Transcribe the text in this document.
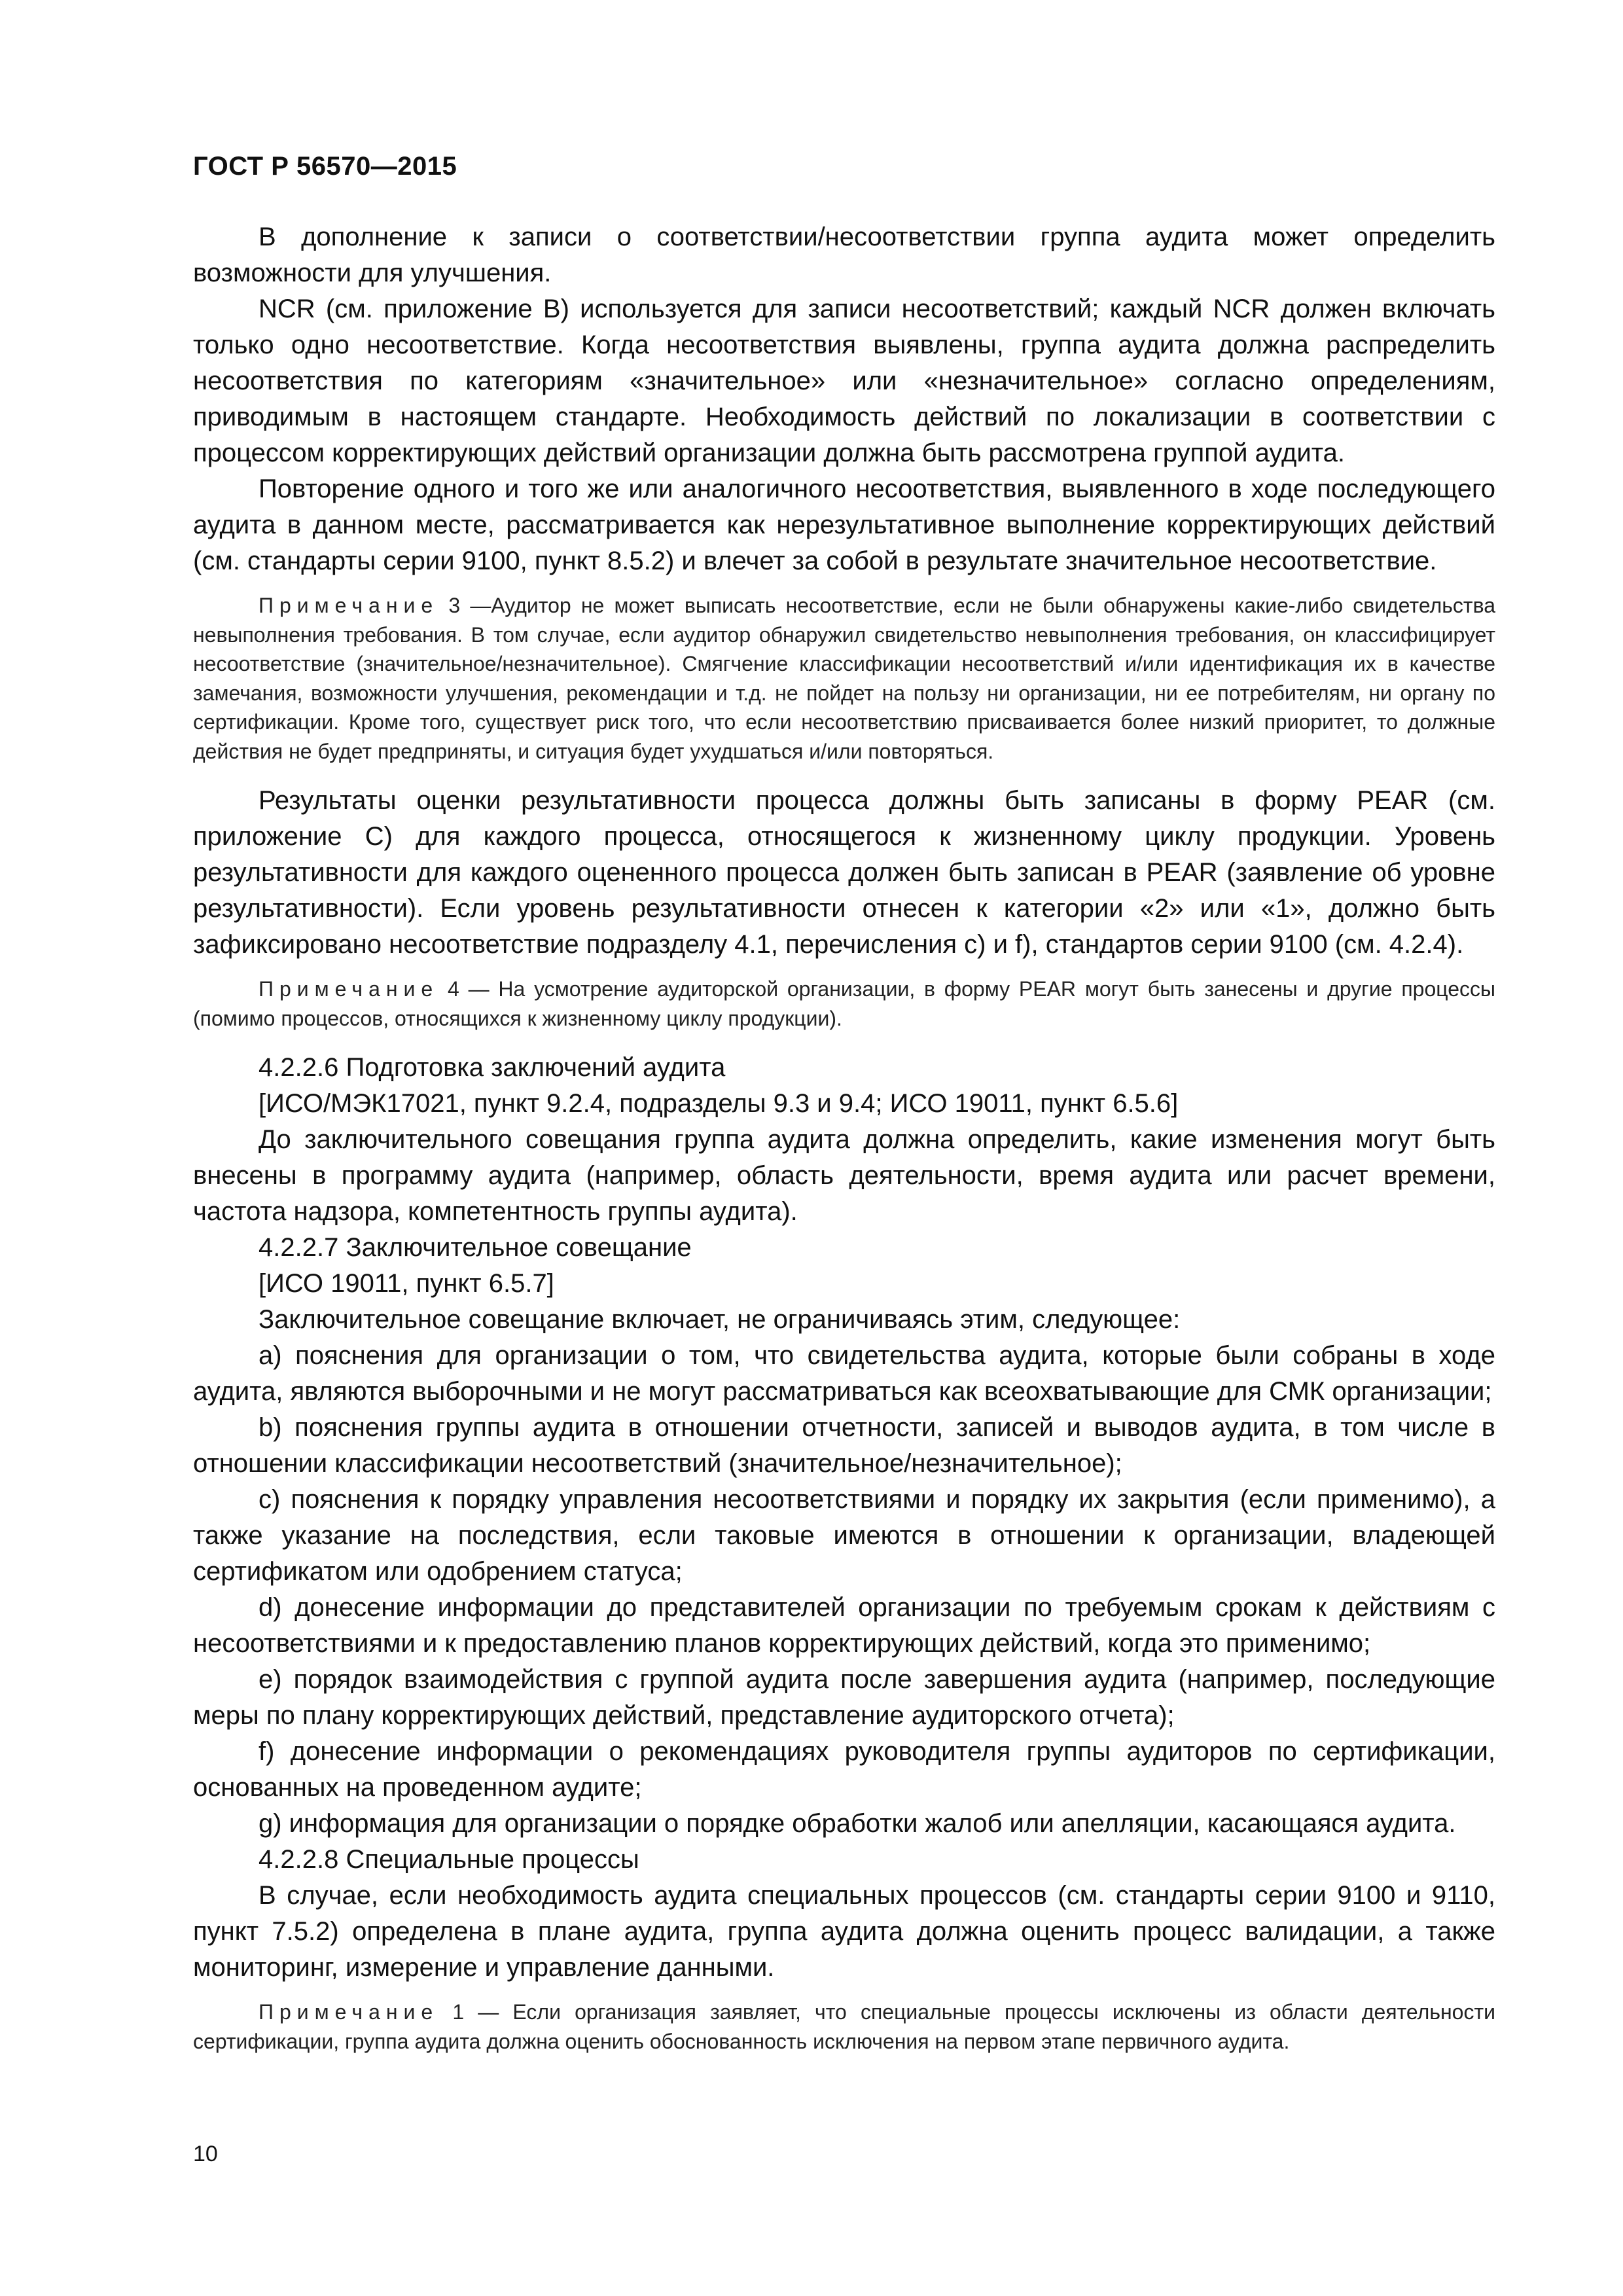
ГОСТ Р 56570—2015

В дополнение к записи о соответствии/несоответствии группа аудита может определить возможности для улучшения.

NCR (см. приложение В) используется для записи несоответствий; каждый NCR должен включать только одно несоответствие. Когда несоответствия выявлены, группа аудита должна распределить несоответствия по категориям «значительное» или «незначительное» согласно определениям, приводимым в настоящем стандарте. Необходимость действий по локализации в соответствии с процессом корректирующих действий организации должна быть рассмотрена группой аудита.

Повторение одного и того же или аналогичного несоответствия, выявленного в ходе последующего аудита в данном месте, рассматривается как нерезультативное выполнение корректирующих действий (см. стандарты серии 9100, пункт 8.5.2) и влечет за собой в результате значительное несоответствие.

Примечание 3 —Аудитор не может выписать несоответствие, если не были обнаружены какие-либо свидетельства невыполнения требования. В том случае, если аудитор обнаружил свидетельство невыполнения требования, он классифицирует несоответствие (значительное/незначительное). Смягчение классификации несоответствий и/или идентификация их в качестве замечания, возможности улучшения, рекомендации и т.д. не пойдет на пользу ни организации, ни ее потребителям, ни органу по сертификации. Кроме того, существует риск того, что если несоответствию присваивается более низкий приоритет, то должные действия не будет предприняты, и ситуация будет ухудшаться и/или повторяться.

Результаты оценки результативности процесса должны быть записаны в форму PEAR (см. приложение С) для каждого процесса, относящегося к жизненному циклу продукции. Уровень результативности для каждого оцененного процесса должен быть записан в PEAR (заявление об уровне результативности). Если уровень результативности отнесен к категории «2» или «1», должно быть зафиксировано несоответствие подразделу 4.1, перечисления с) и f), стандартов серии 9100 (см. 4.2.4).

Примечание 4 — На усмотрение аудиторской организации, в форму PEAR могут быть занесены и другие процессы (помимо процессов, относящихся к жизненному циклу продукции).

4.2.2.6 Подготовка заключений аудита

[ИСО/МЭК17021, пункт 9.2.4, подразделы 9.3 и 9.4; ИСО 19011, пункт 6.5.6]

До заключительного совещания группа аудита должна определить, какие изменения могут быть внесены в программу аудита (например, область деятельности, время аудита или расчет времени, частота надзора, компетентность группы аудита).

4.2.2.7 Заключительное совещание

[ИСО 19011, пункт 6.5.7]

Заключительное совещание включает, не ограничиваясь этим, следующее:

a) пояснения для организации о том, что свидетельства аудита, которые были собраны в ходе аудита, являются выборочными и не могут рассматриваться как всеохватывающие для СМК организации;

b) пояснения группы аудита в отношении отчетности, записей и выводов аудита, в том числе в отношении классификации несоответствий (значительное/незначительное);

c) пояснения к порядку управления несоответствиями и порядку их закрытия (если применимо), а также указание на последствия, если таковые имеются в отношении к организации, владеющей сертификатом или одобрением статуса;

d) донесение информации до представителей организации по требуемым срокам к действиям с несоответствиями и к предоставлению планов корректирующих действий, когда это применимо;

e) порядок взаимодействия с группой аудита после завершения аудита (например, последующие меры по плану корректирующих действий, представление аудиторского отчета);

f) донесение информации о рекомендациях руководителя группы аудиторов по сертификации, основанных на проведенном аудите;

g) информация для организации о порядке обработки жалоб или апелляции, касающаяся аудита.

4.2.2.8 Специальные процессы

В случае, если необходимость аудита специальных процессов (см. стандарты серии 9100 и 9110, пункт 7.5.2) определена в плане аудита, группа аудита должна оценить процесс валидации, а также мониторинг, измерение и управление данными.

Примечание 1 — Если организация заявляет, что специальные процессы исключены из области деятельности сертификации, группа аудита должна оценить обоснованность исключения на первом этапе первичного аудита.

10
